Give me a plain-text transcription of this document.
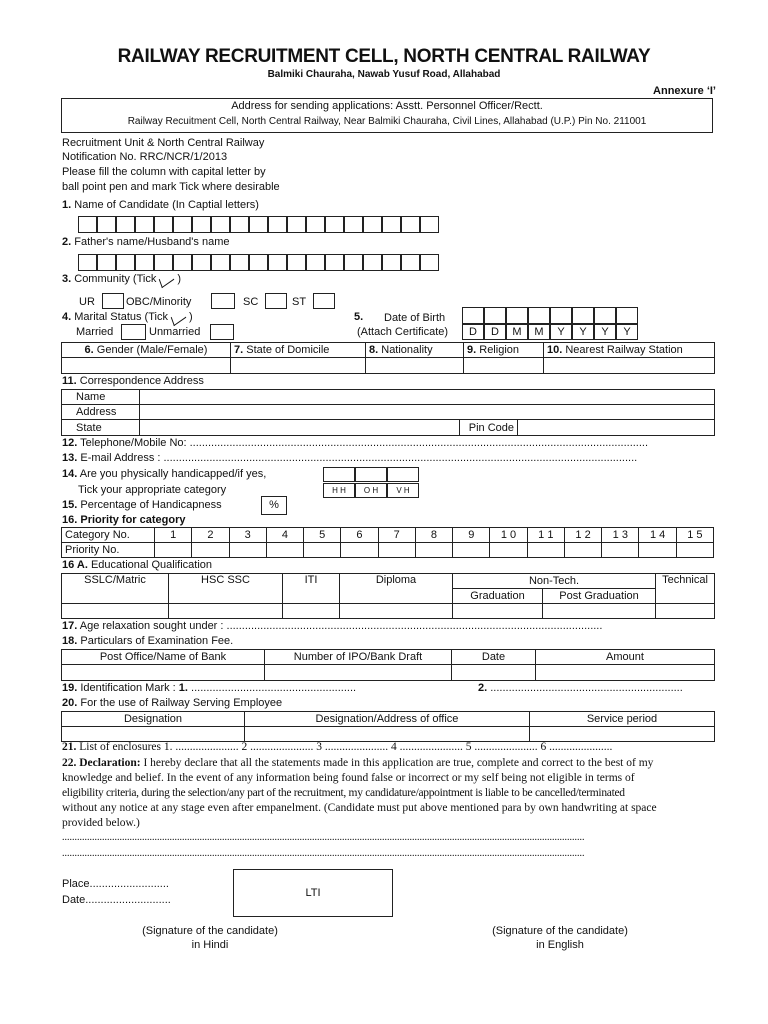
RAILWAY RECRUITMENT CELL, NORTH CENTRAL RAILWAY
Balmiki Chauraha, Nawab Yusuf Road, Allahabad
Annexure ‘I’
Address for sending applications: Asstt. Personnel Officer/Rectt.
Railway Recuitment Cell, North Central Railway, Near Balmiki Chauraha, Civil Lines, Allahabad (U.P.) Pin No. 211001
Recruitment Unit & North Central Railway
Notification No. RRC/NCR/1/2013
Please fill the column with capital letter by
ball point pen and mark Tick where desirable
1. Name of Candidate (In Captial letters)
2. Father's name/Husband's name
3. Community (Tick )
UR	OBC/Minority	SC	ST
4. Marital Status (Tick )
Married	Unmarried
5. Date of Birth
(Attach Certificate)	D	D	M	M	Y	Y	Y	Y
6. Gender (Male/Female)	7. State of Domicile	8. Nationality	9. Religion	10. Nearest Railway Station

11. Correspondence Address
Name			
Address			
State		Pin Code	
12. Telephone/Mobile No: ......................................................................................................................................................
13. E-mail Address : ...........................................................................................................................................................
14. Are you physically handicapped/if yes,
Tick your appropriate category	H H	O H	V H
15. Percentage of Handicapness	%
16. Priority for category
Category No.	1	2	3	4	5	6	7	8	9	1 0	1 1	1 2	1 3	1 4	1 5
Priority No.															
16 A. Educational Qualification
SSLC/Matric	HSC SSC	ITI	Diploma	Non-Tech.		Technical
				Graduation	Post Graduation	

17. Age relaxation sought under : ...........................................................................................................................
18. Particulars of Examination Fee.
Post Office/Name of Bank	Number of IPO/Bank Draft	Date	Amount

19. Identification Mark : 1. ......................................................	2. ...............................................................
20. For the use of Railway Serving Employee
Designation	Designation/Address of office	Service period

21. List of enclosures 1. ...................... 2 ...................... 3 ...................... 4 ...................... 5 ...................... 6 ......................
22. Declaration: I hereby declare that all the statements made in this application are true, complete and correct to the best of my
knowledge and belief. In the event of any information being found false or incorrect or my self being not eligible in terms of
eligibility criteria, during the selection/any part of the recruitment, my candidature/appointment is liable to be cancelled/terminated
without any notice at any stage even after empanelment. (Candidate must put above mentioned para by own handwriting at space
provided below.)
.................................................................................................................................................................................................................
.................................................................................................................................................................................................................
Place..........................
Date............................
LTI
(Signature of the candidate)
in Hindi
(Signature of the candidate)
in English
